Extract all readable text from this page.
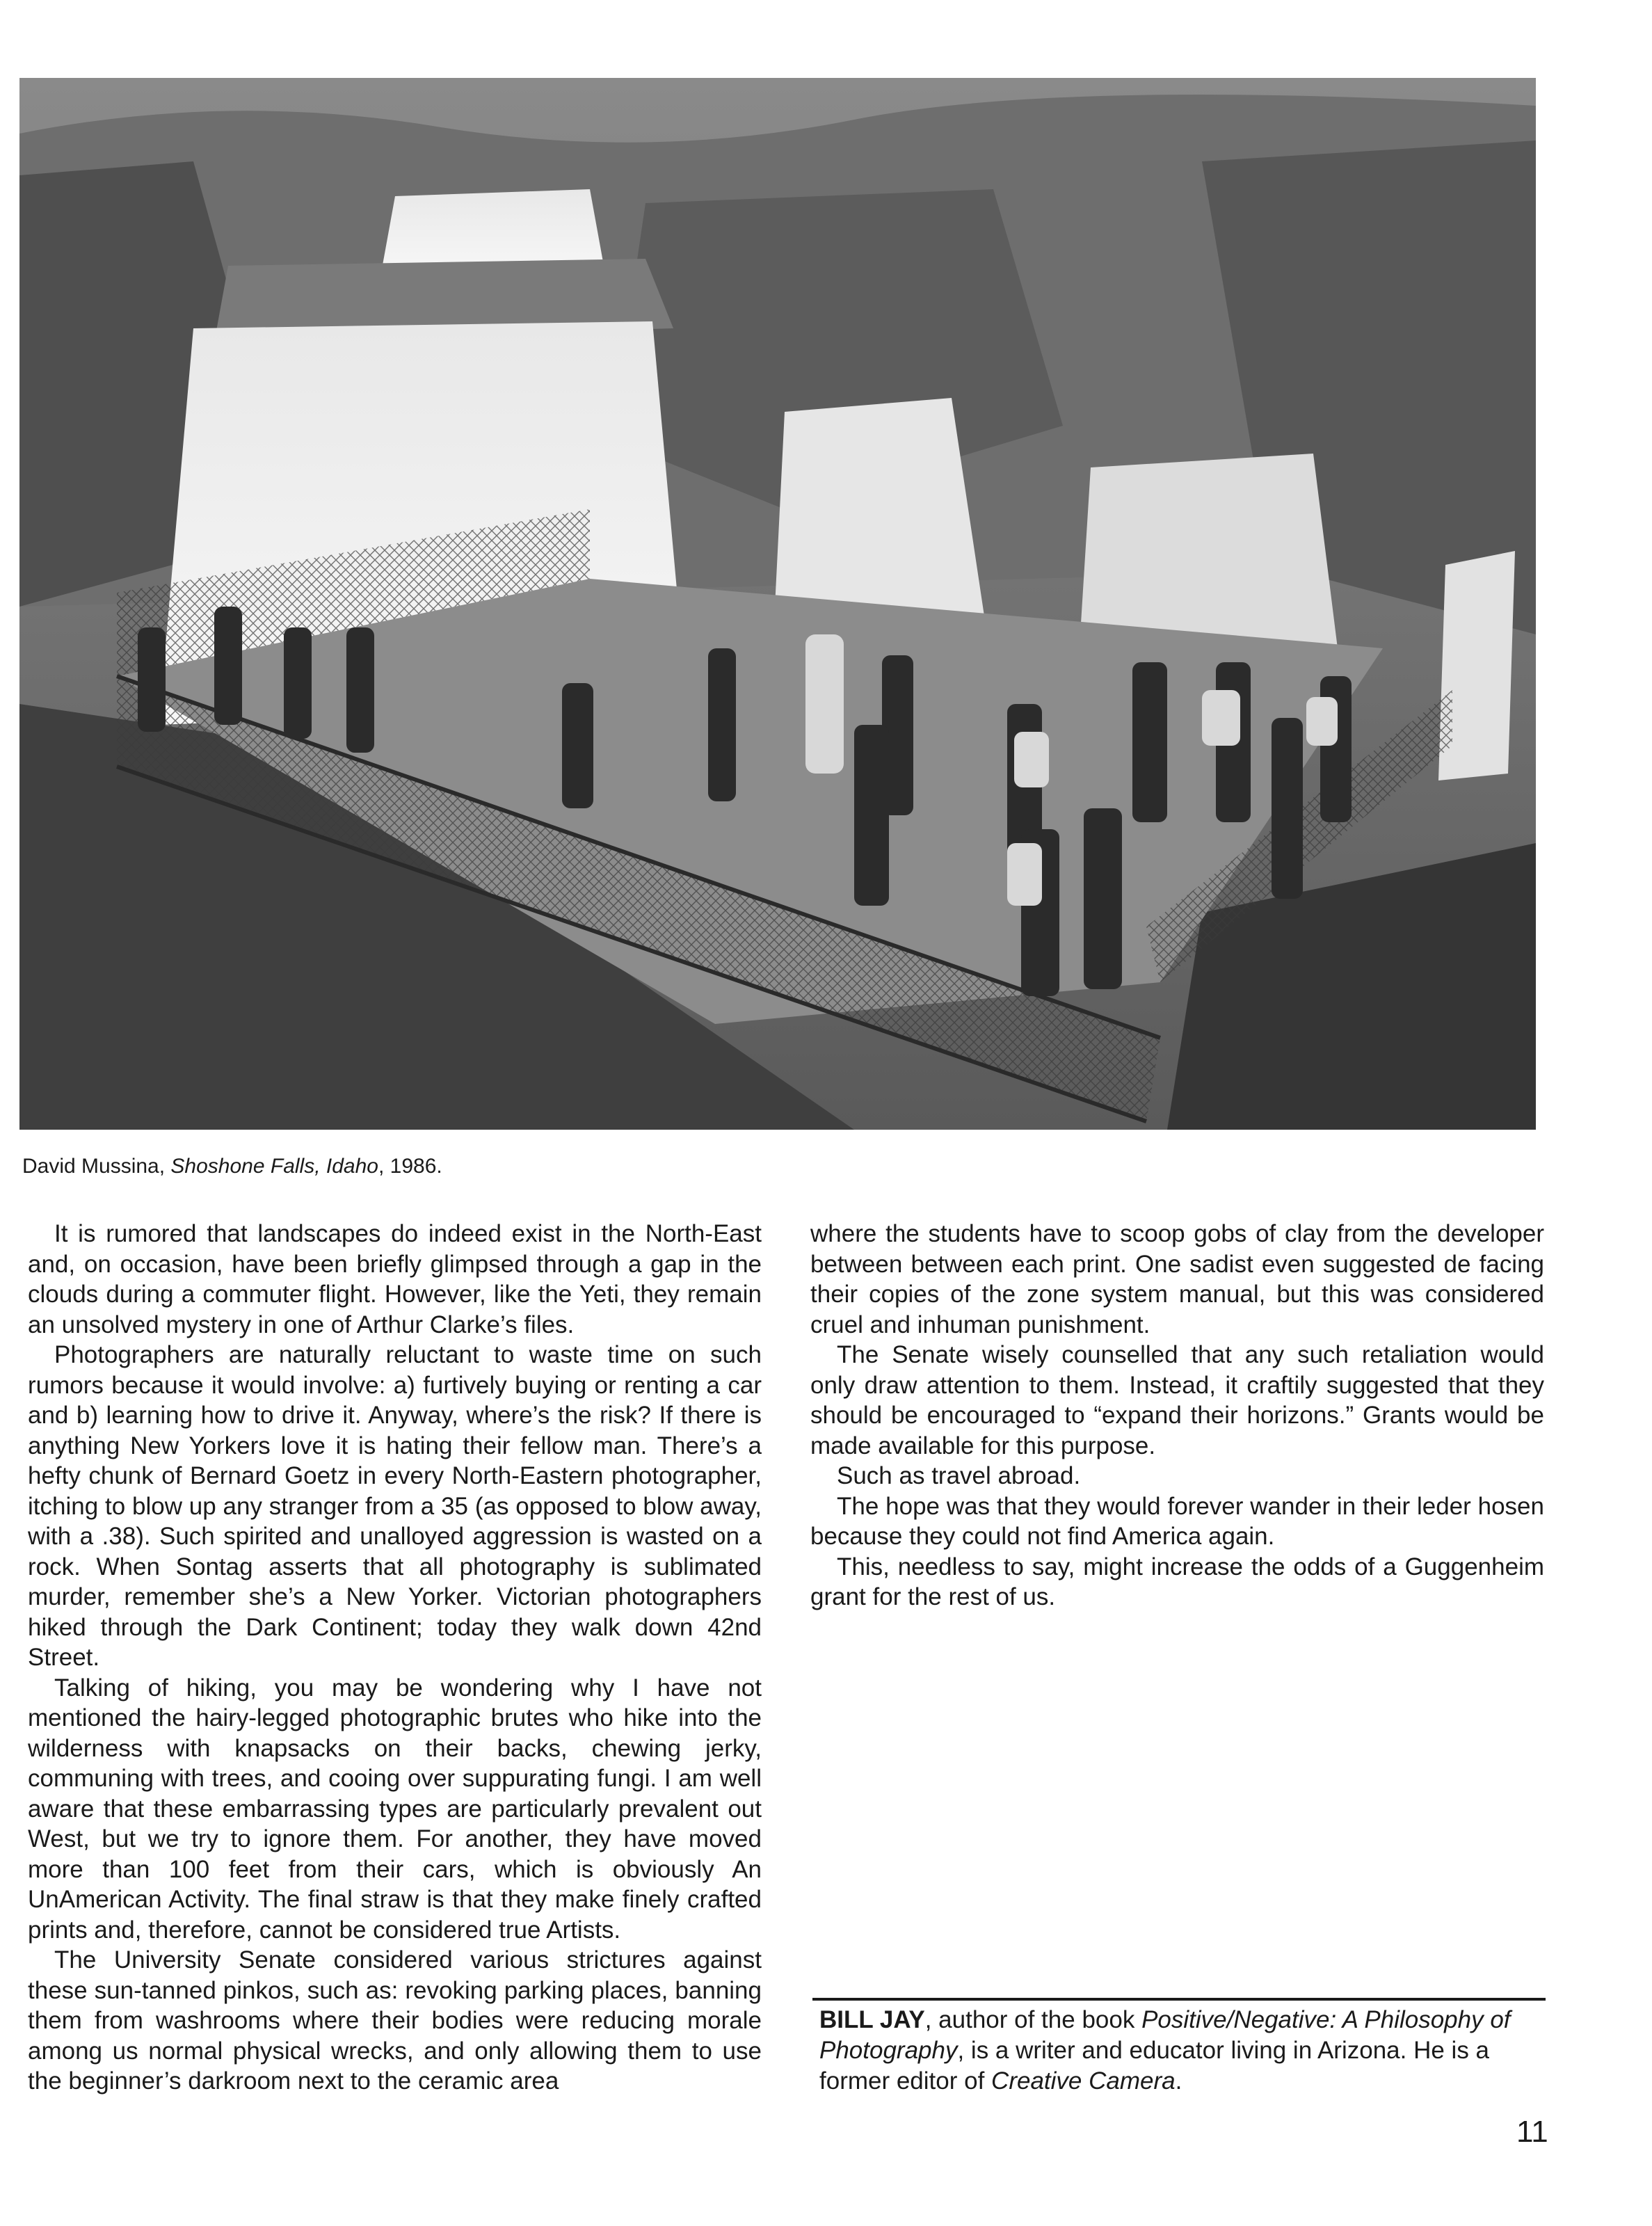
David Mussina, Shoshone Falls, Idaho, 1986.

It is rumored that landscapes do indeed exist in the North-East and, on occasion, have been briefly glimpsed through a gap in the clouds during a commuter flight. However, like the Yeti, they remain an unsolved mystery in one of Arthur Clarke’s files.

Photographers are naturally reluctant to waste time on such rumors because it would involve: a) furtively buying or renting a car and b) learning how to drive it. Anyway, where’s the risk? If there is anything New Yorkers love it is hating their fellow man. There’s a hefty chunk of Bernard Goetz in every North-Eastern photographer, itching to blow up any stranger from a 35 (as opposed to blow away, with a .38). Such spirited and unalloyed aggression is wasted on a rock. When Sontag asserts that all photography is sublimated murder, remember she’s a New Yorker. Victorian photographers hiked through the Dark Continent; today they walk down 42nd Street.

Talking of hiking, you may be wondering why I have not mentioned the hairy-legged photographic brutes who hike into the wilderness with knapsacks on their backs, chewing jerky, communing with trees, and cooing over suppurating fungi. I am well aware that these embarrassing types are particularly prevalent out West, but we try to ignore them. For another, they have moved more than 100 feet from their cars, which is obviously An UnAmerican Activity. The final straw is that they make finely crafted prints and, therefore, cannot be considered true Artists.

The University Senate considered various strictures against these sun-tanned pinkos, such as: revoking parking places, banning them from washrooms where their bodies were reducing morale among us normal physical wrecks, and only allowing them to use the beginner’s darkroom next to the ceramic area

where the students have to scoop gobs of clay from the developer between between each print. One sadist even suggested de facing their copies of the zone system manual, but this was considered cruel and inhuman punishment.

The Senate wisely counselled that any such retaliation would only draw attention to them. Instead, it craftily suggested that they should be encouraged to “expand their horizons.” Grants would be made available for this purpose.

Such as travel abroad.

The hope was that they would forever wander in their leder hosen because they could not find America again.

This, needless to say, might increase the odds of a Guggenheim grant for the rest of us.

BILL JAY, author of the book Positive/Negative: A Philosophy of Photography, is a writer and educator living in Arizona. He is a former editor of Creative Camera.
11
